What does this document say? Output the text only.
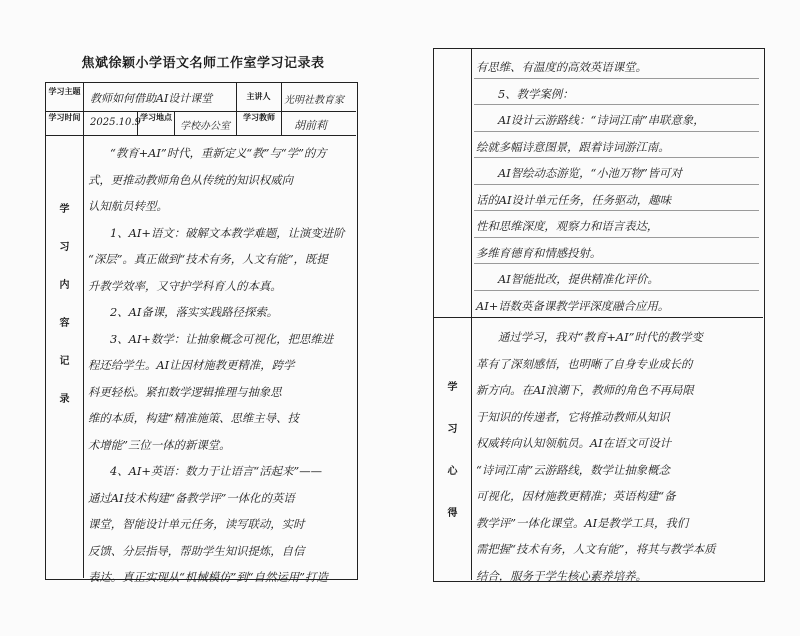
焦斌徐颖小学语文名师工作室学习记录表
学习主题
教师如何借助AI设计课堂	主讲人	光明社教育家
学习时间 2025.10.9 学习地点
学校办公室
学习教师
胡前莉
学习内容记录

“教育+AI”时代，重新定义“教”与“学”的方

式，更推动教师角色从传统的知识权威向

认知航员转型。

1、AI+语文：破解文本教学难题，让演变进阶

“深层”。真正做到“技术有务，人文有能”，既提

升教学效率，又守护学科育人的本真。

2、AI备课，落实实践路径探索。

3、AI+数学：让抽象概念可视化，把思维进

程还给学生。AI让因材施教更精准，跨学

科更轻松。紧扣数学逻辑推理与抽象思

维的本质，构建“精准施策、思维主导、技

术增能”三位一体的新课堂。

4、AI+英语：数力于让语言“活起来”——

通过AI技术构建“备教学评”一体化的英语

课堂，智能设计单元任务，读写联动，实时

反馈、分层指导，帮助学生知识提炼，自信

表达。真正实现从“机械模仿”到“自然运用”打造

学习心得

有思维、有温度的高效英语课堂。

5、教学案例：

AI设计云游路线：“诗词江南”串联意象，

绘就多幅诗意图景，跟着诗词游江南。

AI智绘动态游览，“小池万物”皆可对

话的AI设计单元任务，任务驱动，趣味

性和思维深度，观察力和语言表达，

多维育德育和情感投射。

AI智能批改，提供精准化评价。

AI+语数英备课教学评深度融合应用。

通过学习，我对“教育+AI”时代的教学变

革有了深刻感悟，也明晰了自身专业成长的

新方向。在AI浪潮下，教师的角色不再局限

于知识的传递者，它将推动教师从知识

权威转向认知领航员。AI在语文可设计

“诗词江南”云游路线，数学让抽象概念

可视化，因材施教更精准；英语构建“备

教学评”一体化课堂。AI是教学工具，我们

需把握“技术有务，人文有能”，将其与教学本质

结合，服务于学生核心素养培养。
